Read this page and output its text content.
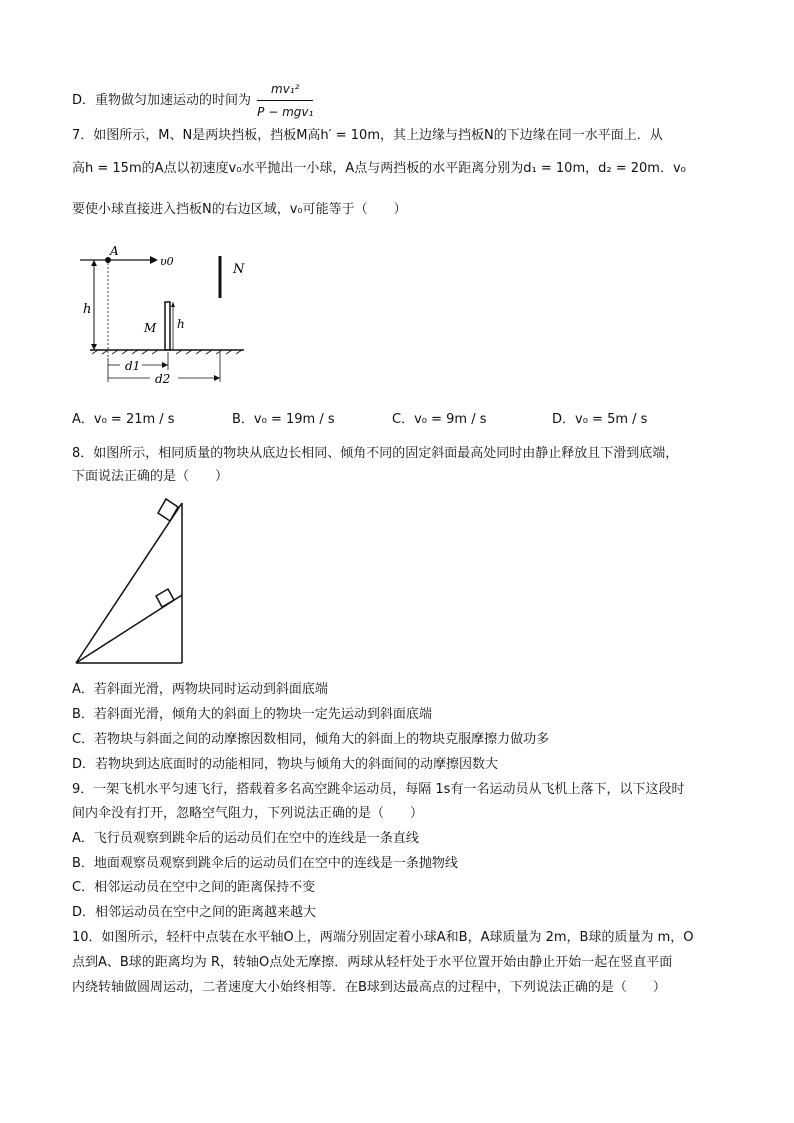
D．重物做匀加速运动的时间为 $\frac{\text{mv₁²}}{\text{P − mgv₁}}$
7．如图所示，M、N是两块挡板，挡板M高h′ = 10m，其上边缘与挡板N的下边缘在同一水平面上．从
高h = 15m的A点以初速度v₀水平抛出一小球，A点与两挡板的水平距离分别为d₁ = 10m，d₂ = 20m．v₀
要使小球直接进入挡板N的右边区域，v₀可能等于（　　）
A
υ0
h
M h
N
d1
d2
A．v₀ = 21m / s	B．v₀ = 19m / s	C．v₀ = 9m / s	D．v₀ = 5m / s
8．如图所示，相同质量的物块从底边长相同、倾角不同的固定斜面最高处同时由静止释放且下滑到底端，
下面说法正确的是（　　）
A．若斜面光滑，两物块同时运动到斜面底端
B．若斜面光滑，倾角大的斜面上的物块一定先运动到斜面底端
C．若物块与斜面之间的动摩擦因数相同，倾角大的斜面上的物块克服摩擦力做功多
D．若物块到达底面时的动能相同，物块与倾角大的斜面间的动摩擦因数大
9．一架飞机水平匀速飞行，搭载着多名高空跳伞运动员，每隔 1s有一名运动员从飞机上落下，以下这段时
间内伞没有打开，忽略空气阻力，下列说法正确的是（　　）
A．飞行员观察到跳伞后的运动员们在空中的连线是一条直线
B．地面观察员观察到跳伞后的运动员们在空中的连线是一条抛物线
C．相邻运动员在空中之间的距离保持不变
D．相邻运动员在空中之间的距离越来越大
10．如图所示，轻杆中点装在水平轴O上，两端分别固定着小球A和B，A球质量为 2m，B球的质量为 m，O
点到A、B球的距离均为 R，转轴O点处无摩擦．两球从轻杆处于水平位置开始由静止开始一起在竖直平面
内绕转轴做圆周运动，二者速度大小始终相等．在B球到达最高点的过程中，下列说法正确的是（　　）
